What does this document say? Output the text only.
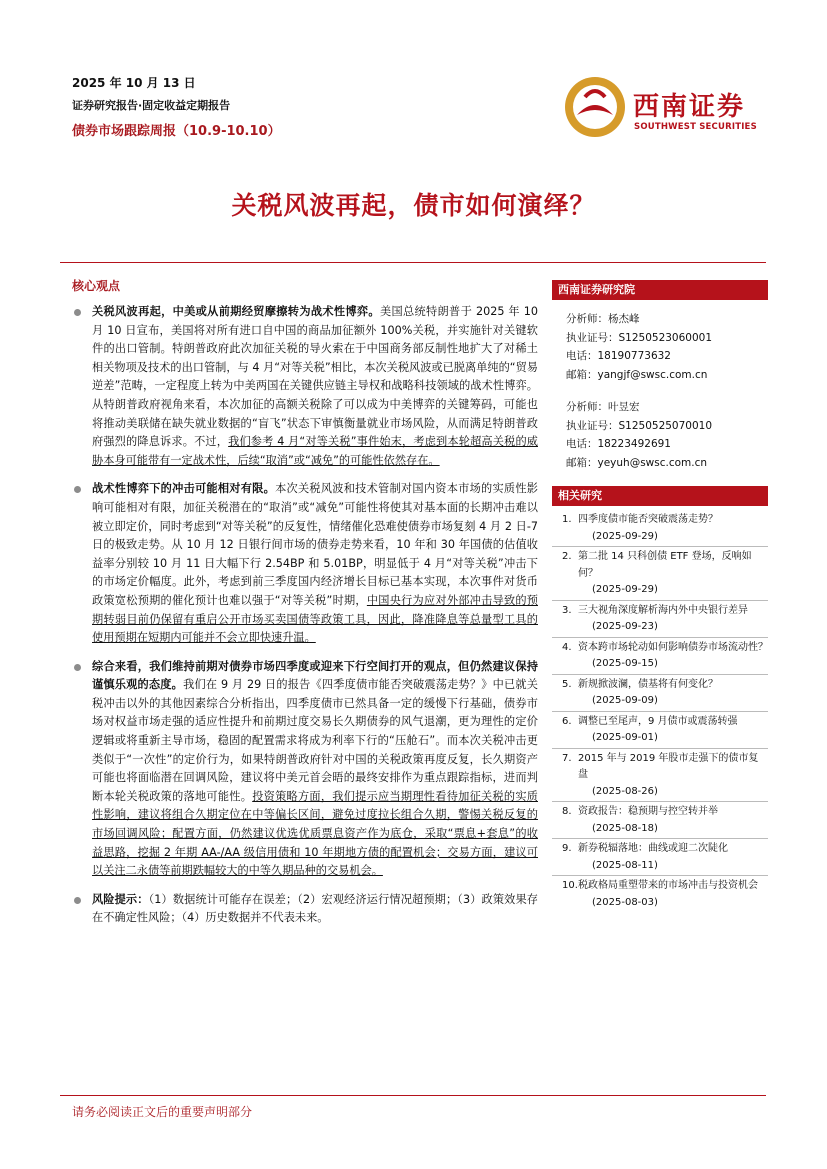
2025 年 10 月 13 日
证券研究报告·固定收益定期报告
债券市场跟踪周报（10.9-10.10）
西南证券
SOUTHWEST SECURITIES
关税风波再起，债市如何演绎？
核心观点
关税风波再起，中美或从前期经贸摩擦转为战术性博弈。美国总统特朗普于 2025 年 10 月 10 日宣布，美国将对所有进口自中国的商品加征额外 100%关税，并实施针对关键软件的出口管制。特朗普政府此次加征关税的导火索在于中国商务部反制性地扩大了对稀土相关物项及技术的出口管制，与 4 月“对等关税”相比，本次关税风波或已脱离单纯的“贸易逆差”范畴，一定程度上转为中美两国在关键供应链主导权和战略科技领域的战术性博弈。从特朗普政府视角来看，本次加征的高额关税除了可以成为中美博弈的关键筹码，可能也将推动美联储在缺失就业数据的“盲飞”状态下审慎衡量就业市场风险，从而满足特朗普政府强烈的降息诉求。不过，我们参考 4 月“对等关税”事件始末，考虑到本轮超高关税的威胁本身可能带有一定战术性，后续“取消”或“减免”的可能性依然存在。
战术性博弈下的冲击可能相对有限。本次关税风波和技术管制对国内资本市场的实质性影响可能相对有限，加征关税潜在的“取消”或“减免”可能性将使其对基本面的长期冲击难以被立即定价，同时考虑到“对等关税”的反复性，情绪催化恐难使债券市场复刻 4 月 2 日-7 日的极致走势。从 10 月 12 日银行间市场的债券走势来看，10 年和 30 年国债的估值收益率分别较 10 月 11 日大幅下行 2.54BP 和 5.01BP，明显低于 4 月“对等关税”冲击下的市场定价幅度。此外，考虑到前三季度国内经济增长目标已基本实现，本次事件对货币政策宽松预期的催化预计也难以强于“对等关税”时期，中国央行为应对外部冲击导致的预期转弱目前仍保留有重启公开市场买卖国债等政策工具，因此，降准降息等总量型工具的使用预期在短期内可能并不会立即快速升温。
综合来看，我们维持前期对债券市场四季度或迎来下行空间打开的观点，但仍然建议保持谨慎乐观的态度。我们在 9 月 29 日的报告《四季度债市能否突破震荡走势？》中已就关税冲击以外的其他因素综合分析指出，四季度债市已然具备一定的缓慢下行基础，债券市场对权益市场走强的适应性提升和前期过度交易长久期债券的风气退潮，更为理性的定价逻辑或将重新主导市场，稳固的配置需求将成为利率下行的“压舱石”。而本次关税冲击更类似于“一次性”的定价行为，如果特朗普政府针对中国的关税政策再度反复，长久期资产可能也将面临潜在回调风险，建议将中美元首会晤的最终安排作为重点跟踪指标，进而判断本轮关税政策的落地可能性。投资策略方面，我们提示应当期理性看待加征关税的实质性影响，建议将组合久期定位在中等偏长区间，避免过度拉长组合久期，警惕关税反复的市场回调风险；配置方面，仍然建议优选优质票息资产作为底仓，采取“票息+套息”的收益思路，挖掘 2 年期 AA-/AA 级信用债和 10 年期地方债的配置机会；交易方面，建议可以关注二永债等前期跌幅较大的中等久期品种的交易机会。
风险提示：（1）数据统计可能存在误差；（2）宏观经济运行情况超预期；（3）政策效果存在不确定性风险；（4）历史数据并不代表未来。
西南证券研究院
分析师：杨杰峰
执业证号：S1250523060001
电话：18190773632
邮箱：yangjf@swsc.com.cn
分析师：叶昱宏
执业证号：S1250525070010
电话：18223492691
邮箱：yeyuh@swsc.com.cn
相关研究
1. 四季度债市能否突破震荡走势？
(2025-09-29)
2. 第二批 14 只科创债 ETF 登场，反响如何？
(2025-09-29)
3. 三大视角深度解析海内外中央银行差异
(2025-09-23)
4. 资本跨市场轮动如何影响债券市场流动性？
(2025-09-15)
5. 新规掀波澜，债基将有何变化？
(2025-09-09)
6. 调整已至尾声，9 月债市或震荡转强
(2025-09-01)
7. 2015 年与 2019 年股市走强下的债市复盘
(2025-08-26)
8. 资政报告：稳预期与控空转并举
(2025-08-18)
9. 新券税辐落地：曲线或迎二次陡化
(2025-08-11)
10. 税政格局重塑带来的市场冲击与投资机会
(2025-08-03)
请务必阅读正文后的重要声明部分
